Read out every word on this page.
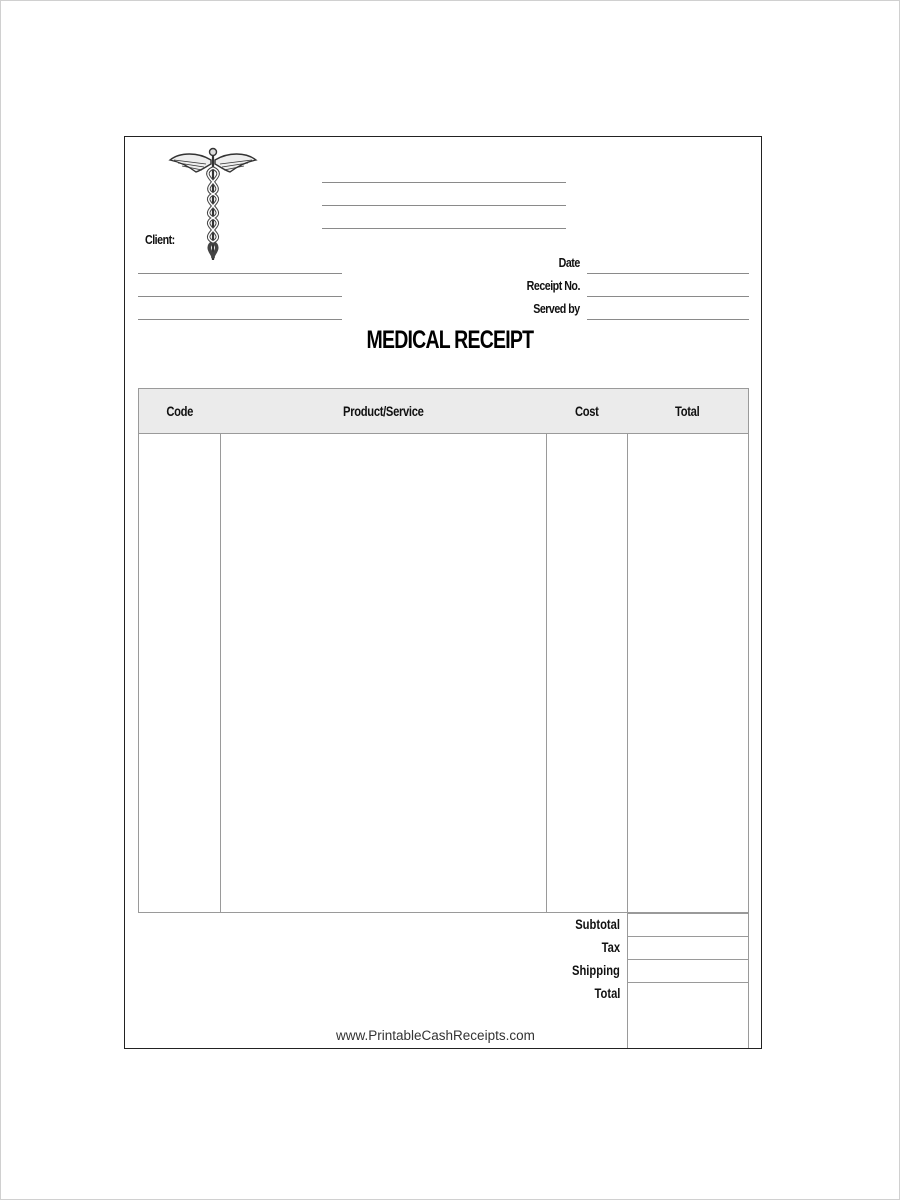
Client:
Date
Receipt No.
Served by
MEDICAL RECEIPT
Code	Product/Service	Cost	Total
Subtotal
Tax
Shipping
Total
www.PrintableCashReceipts.com
